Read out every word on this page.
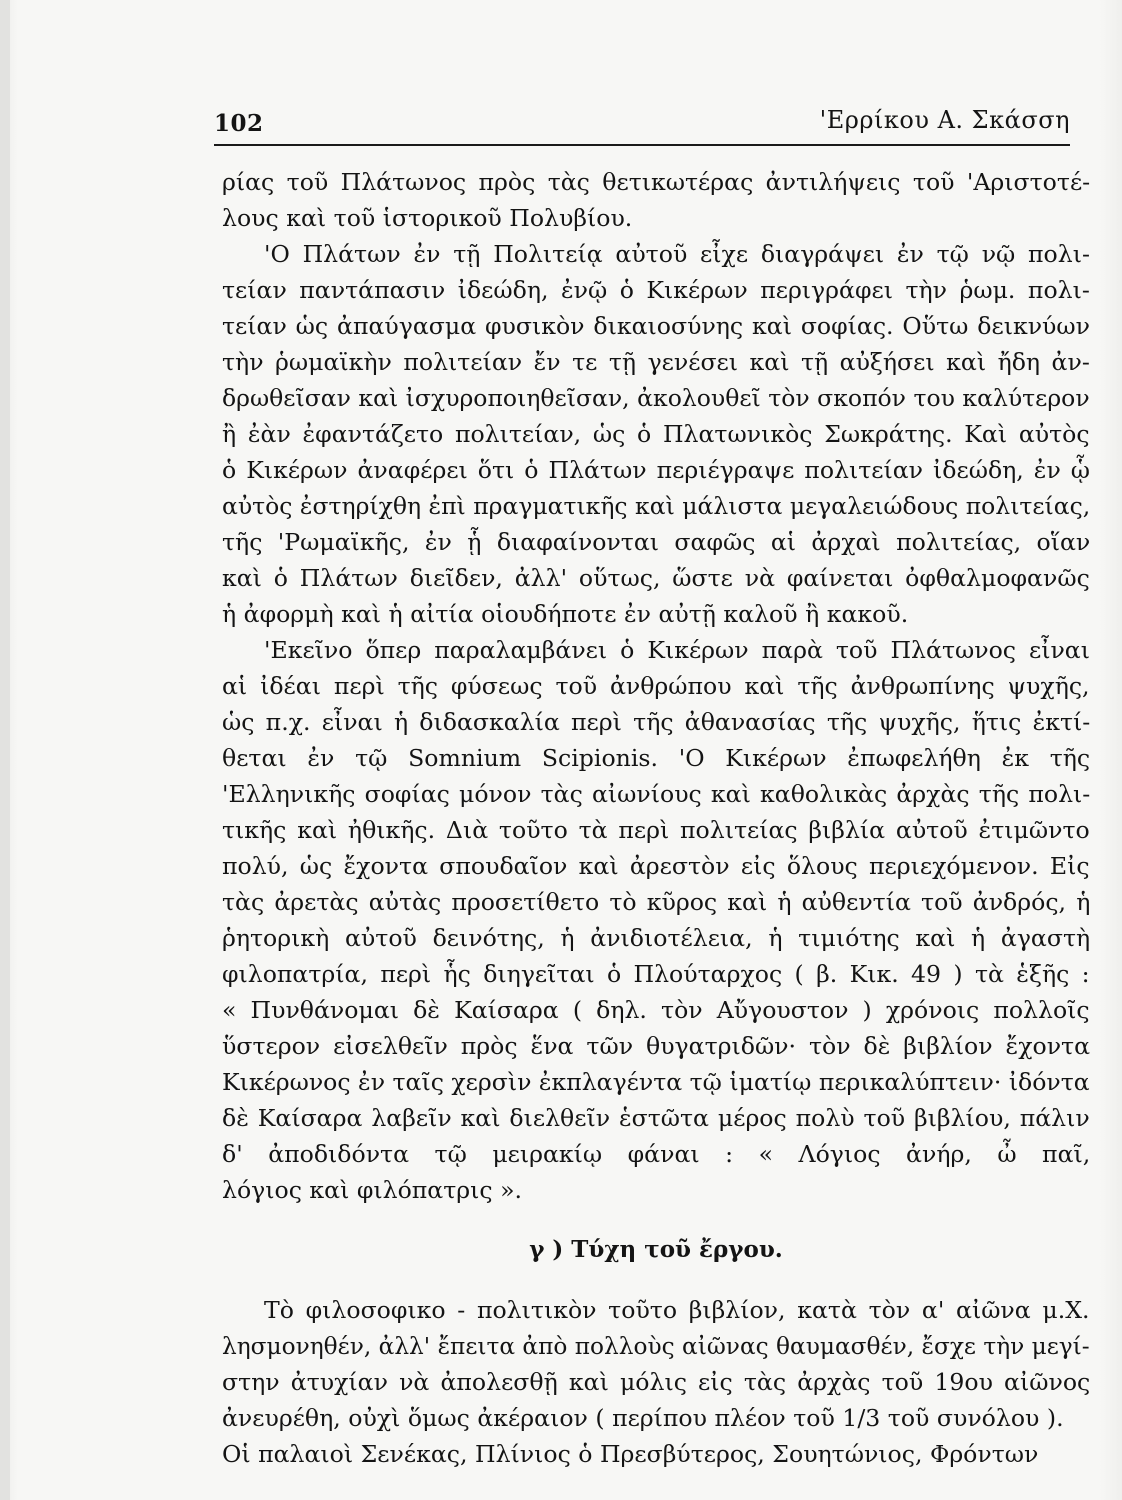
102	'Ερρίκου Α. Σκάσση
ρίας τοῦ Πλάτωνος πρὸς τὰς θετικωτέρας ἀντιλήψεις τοῦ 'Αριστοτέ-
λους καὶ τοῦ ἱστορικοῦ Πολυβίου.
'Ο Πλάτων ἐν τῇ Πολιτείᾳ αὐτοῦ εἶχε διαγράψει ἐν τῷ νῷ πολι-
τείαν παντάπασιν ἰδεώδη, ἐνῷ ὁ Κικέρων περιγράφει τὴν ῥωμ. πολι-
τείαν ὡς ἀπαύγασμα φυσικὸν δικαιοσύνης καὶ σοφίας. Οὕτω δεικνύων
τὴν ῥωμαϊκὴν πολιτείαν ἔν τε τῇ γενέσει καὶ τῇ αὐξήσει καὶ ἤδη ἀν-
δρωθεῖσαν καὶ ἰσχυροποιηθεῖσαν, ἀκολουθεῖ τὸν σκοπόν του καλύτερον
ἢ ἐὰν ἐφαντάζετο πολιτείαν, ὡς ὁ Πλατωνικὸς Σωκράτης. Καὶ αὐτὸς
ὁ Κικέρων ἀναφέρει ὅτι ὁ Πλάτων περιέγραψε πολιτείαν ἰδεώδη, ἐν ᾧ
αὐτὸς ἐστηρίχθη ἐπὶ πραγματικῆς καὶ μάλιστα μεγαλειώδους πολιτείας,
τῆς 'Ρωμαϊκῆς, ἐν ᾗ διαφαίνονται σαφῶς αἱ ἀρχαὶ πολιτείας, οἵαν
καὶ ὁ Πλάτων διεῖδεν, ἀλλ' οὕτως, ὥστε νὰ φαίνεται ὀφθαλμοφανῶς
ἡ ἀφορμὴ καὶ ἡ αἰτία οἱουδήποτε ἐν αὐτῇ καλοῦ ἢ κακοῦ.
'Εκεῖνο ὅπερ παραλαμβάνει ὁ Κικέρων παρὰ τοῦ Πλάτωνος εἶναι
αἱ ἰδέαι περὶ τῆς φύσεως τοῦ ἀνθρώπου καὶ τῆς ἀνθρωπίνης ψυχῆς,
ὡς π.χ. εἶναι ἡ διδασκαλία περὶ τῆς ἀθανασίας τῆς ψυχῆς, ἥτις ἐκτί-
θεται ἐν τῷ Somnium Scipionis. 'Ο Κικέρων ἐπωφελήθη ἐκ τῆς
'Ελληνικῆς σοφίας μόνον τὰς αἰωνίους καὶ καθολικὰς ἀρχὰς τῆς πολι-
τικῆς καὶ ἠθικῆς. Διὰ τοῦτο τὰ περὶ πολιτείας βιβλία αὐτοῦ ἐτιμῶντο
πολύ, ὡς ἔχοντα σπουδαῖον καὶ ἀρεστὸν εἰς ὅλους περιεχόμενον. Εἰς
τὰς ἀρετὰς αὐτὰς προσετίθετο τὸ κῦρος καὶ ἡ αὐθεντία τοῦ ἀνδρός, ἡ
ῥητορικὴ αὐτοῦ δεινότης, ἡ ἀνιδιοτέλεια, ἡ τιμιότης καὶ ἡ ἀγαστὴ
φιλοπατρία, περὶ ἧς διηγεῖται ὁ Πλούταρχος ( β. Κικ. 49 ) τὰ ἑξῆς :
« Πυνθάνομαι δὲ Καίσαρα ( δηλ. τὸν Αὔγουστον ) χρόνοις πολλοῖς
ὕστερον εἰσελθεῖν πρὸς ἕνα τῶν θυγατριδῶν· τὸν δὲ βιβλίον ἔχοντα
Κικέρωνος ἐν ταῖς χερσὶν ἐκπλαγέντα τῷ ἱματίῳ περικαλύπτειν· ἰδόντα
δὲ Καίσαρα λαβεῖν καὶ διελθεῖν ἑστῶτα μέρος πολὺ τοῦ βιβλίου, πάλιν
δ' ἀποδιδόντα τῷ μειρακίῳ φάναι : « Λόγιος ἀνήρ, ὦ παῖ,
λόγιος καὶ φιλόπατρις ».
γ ) Τύχη τοῦ ἔργου.
Τὸ φιλοσοφικο - πολιτικὸν τοῦτο βιβλίον, κατὰ τὸν α' αἰῶνα μ.Χ.
λησμονηθέν, ἀλλ' ἔπειτα ἀπὸ πολλοὺς αἰῶνας θαυμασθέν, ἔσχε τὴν μεγί-
στην ἀτυχίαν νὰ ἀπολεσθῇ καὶ μόλις εἰς τὰς ἀρχὰς τοῦ 19ου αἰῶνος
ἀνευρέθη, οὐχὶ ὅμως ἀκέραιον ( περίπου πλέον τοῦ 1/3 τοῦ συνόλου ).
Οἱ παλαιοὶ Σενέκας, Πλίνιος ὁ Πρεσβύτερος, Σουητώνιος, Φρόντων
